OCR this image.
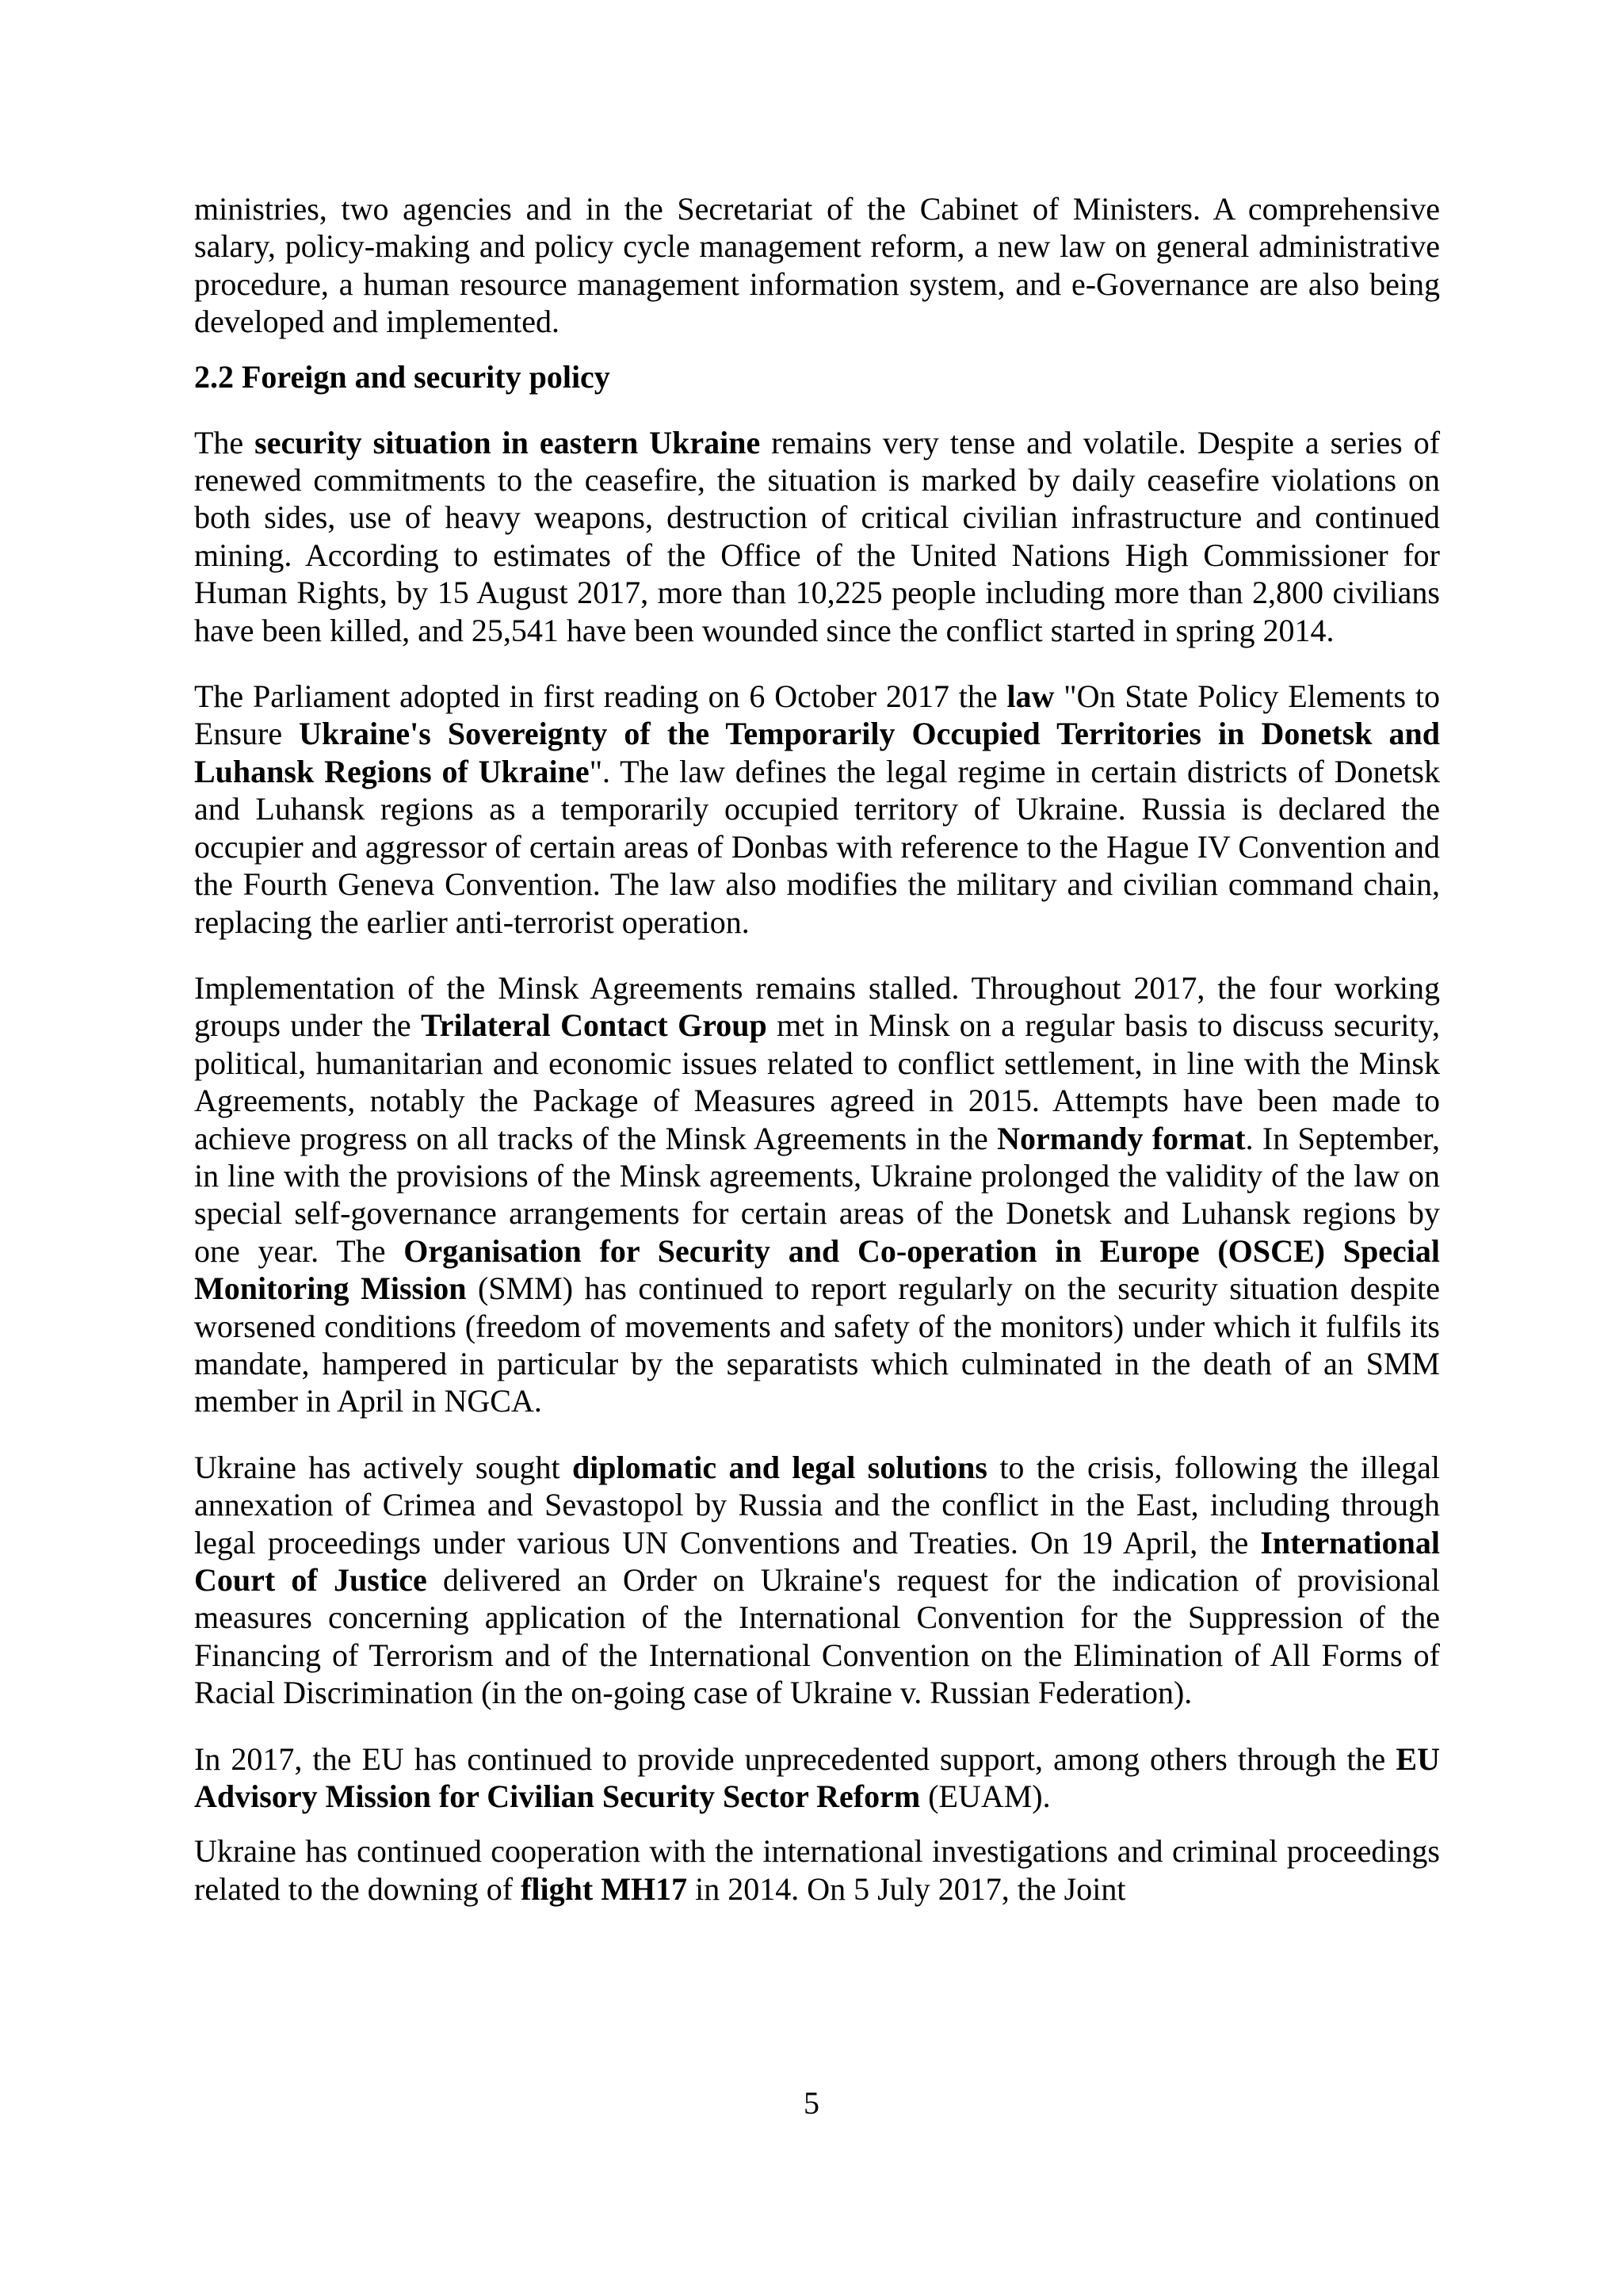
ministries, two agencies and in the Secretariat of the Cabinet of Ministers. A comprehensive salary, policy-making and policy cycle management reform, a new law on general administrative procedure, a human resource management information system, and e-Governance are also being developed and implemented.

2.2 Foreign and security policy

The security situation in eastern Ukraine remains very tense and volatile. Despite a series of renewed commitments to the ceasefire, the situation is marked by daily ceasefire violations on both sides, use of heavy weapons, destruction of critical civilian infrastructure and continued mining. According to estimates of the Office of the United Nations High Commissioner for Human Rights, by 15 August 2017, more than 10,225 people including more than 2,800 civilians have been killed, and 25,541 have been wounded since the conflict started in spring 2014.

The Parliament adopted in first reading on 6 October 2017 the law "On State Policy Elements to Ensure Ukraine's Sovereignty of the Temporarily Occupied Territories in Donetsk and Luhansk Regions of Ukraine". The law defines the legal regime in certain districts of Donetsk and Luhansk regions as a temporarily occupied territory of Ukraine. Russia is declared the occupier and aggressor of certain areas of Donbas with reference to the Hague IV Convention and the Fourth Geneva Convention. The law also modifies the military and civilian command chain, replacing the earlier anti-terrorist operation.

Implementation of the Minsk Agreements remains stalled. Throughout 2017, the four working groups under the Trilateral Contact Group met in Minsk on a regular basis to discuss security, political, humanitarian and economic issues related to conflict settlement, in line with the Minsk Agreements, notably the Package of Measures agreed in 2015. Attempts have been made to achieve progress on all tracks of the Minsk Agreements in the Normandy format. In September, in line with the provisions of the Minsk agreements, Ukraine prolonged the validity of the law on special self-governance arrangements for certain areas of the Donetsk and Luhansk regions by one year. The Organisation for Security and Co-operation in Europe (OSCE) Special Monitoring Mission (SMM) has continued to report regularly on the security situation despite worsened conditions (freedom of movements and safety of the monitors) under which it fulfils its mandate, hampered in particular by the separatists which culminated in the death of an SMM member in April in NGCA.

Ukraine has actively sought diplomatic and legal solutions to the crisis, following the illegal annexation of Crimea and Sevastopol by Russia and the conflict in the East, including through legal proceedings under various UN Conventions and Treaties. On 19 April, the International Court of Justice delivered an Order on Ukraine's request for the indication of provisional measures concerning application of the International Convention for the Suppression of the Financing of Terrorism and of the International Convention on the Elimination of All Forms of Racial Discrimination (in the on-going case of Ukraine v. Russian Federation).

In 2017, the EU has continued to provide unprecedented support, among others through the EU Advisory Mission for Civilian Security Sector Reform (EUAM).

Ukraine has continued cooperation with the international investigations and criminal proceedings related to the downing of flight MH17 in 2014. On 5 July 2017, the Joint

5
